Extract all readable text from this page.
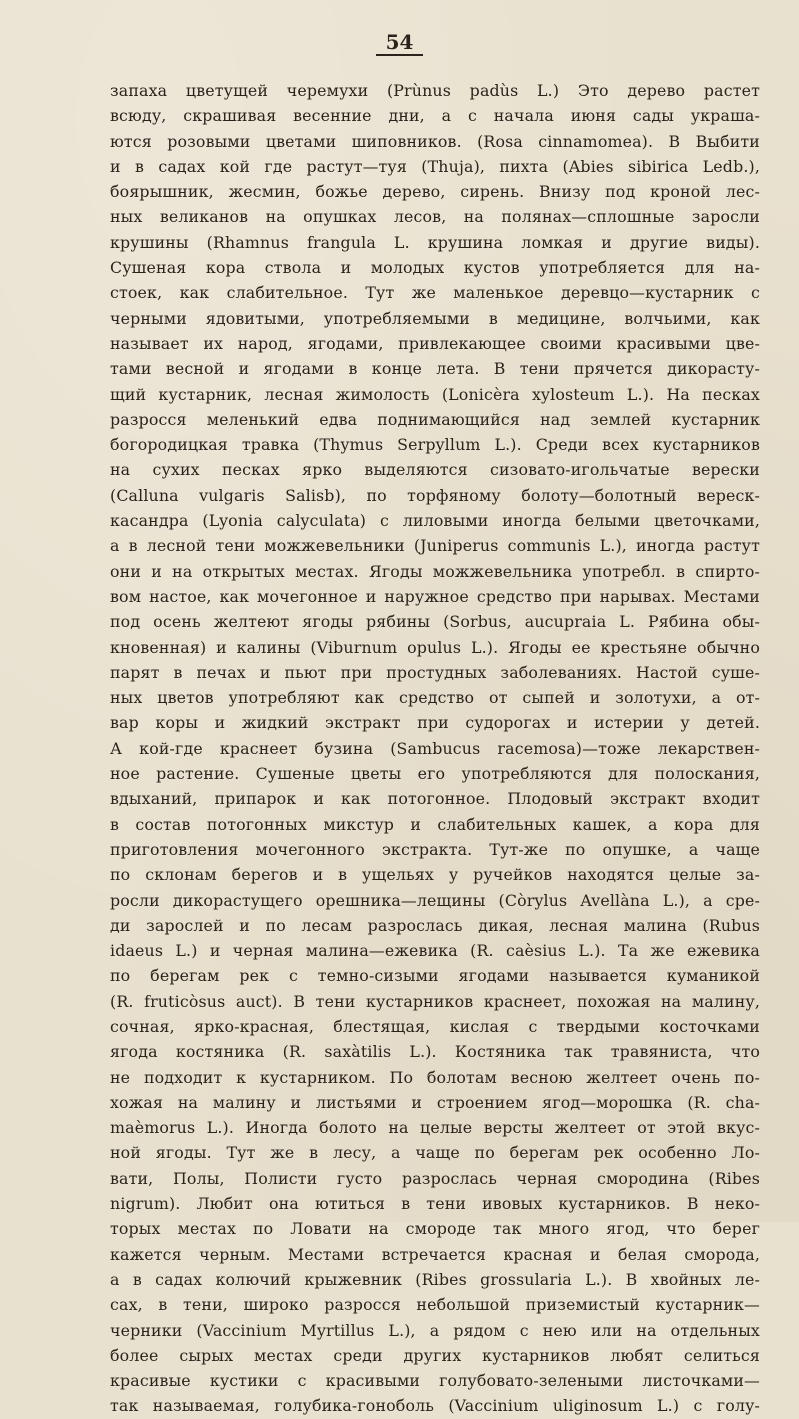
54
запаха цветущей черемухи (Prùnus padùs L.) Это дерево растет
всюду, скрашивая весенние дни, а с начала июня сады украша-
ются розовыми цветами шиповников. (Rosa cinnamomea). В Выбити
и в садах кой где растут—туя (Thuja), пихта (Abies sibirica Ledb.),
боярышник, жесмин, божье дерево, сирень. Внизу под кроной лес-
ных великанов на опушках лесов, на полянах—сплошные заросли
крушины (Rhamnus frangula L. крушина ломкая и другие виды).
Сушеная кора ствола и молодых кустов употребляется для на-
стоек, как слабительное. Тут же маленькое деревцо—кустарник с
черными ядовитыми, употребляемыми в медицине, волчьими, как
называет их народ, ягодами, привлекающее своими красивыми цве-
тами весной и ягодами в конце лета. В тени прячется дикорасту-
щий кустарник, лесная жимолость (Lonicèra xylosteum L.). На песках
разросся меленький едва поднимающийся над землей кустарник
богородицкая травка (Thymus Serpyllum L.). Среди всех кустарников
на сухих песках ярко выделяются сизовато-игольчатые верески
(Calluna vulgaris Salisb), по торфяному болоту—болотный вереск-
касандра (Lyonia calyculata) с лиловыми иногда белыми цветочками,
а в лесной тени можжевельники (Juniperus communis L.), иногда растут
они и на открытых местах. Ягоды можжевельника употребл. в спирто-
вом настое, как мочегонное и наружное средство при нарывах. Местами
под осень желтеют ягоды рябины (Sorbus, aucupraia L. Рябина обы-
кновенная) и калины (Viburnum opulus L.). Ягоды ее крестьяне обычно
парят в печах и пьют при простудных заболеваниях. Настой суше-
ных цветов употребляют как средство от сыпей и золотухи, а от-
вар коры и жидкий экстракт при судорогах и истерии у детей.
А кой-где краснеет бузина (Sambucus racemosa)—тоже лекарствен-
ное растение. Сушеные цветы его употребляются для полоскания,
вдыханий, припарок и как потогонное. Плодовый экстракт входит
в состав потогонных микстур и слабительных кашек, а кора для
приготовления мочегонного экстракта. Тут-же по опушке, а чаще
по склонам берегов и в ущельях у ручейков находятся целые за-
росли дикорастущего орешника—лещины (Còrylus Avellàna L.), а сре-
ди зарослей и по лесам разрослась дикая, лесная малина (Rubus
idaeus L.) и черная малина—ежевика (R. caèsius L.). Та же ежевика
по берегам рек с темно-сизыми ягодами называется куманикой
(R. fruticòsus auct). В тени кустарников краснеет, похожая на малину,
сочная, ярко-красная, блестящая, кислая с твердыми косточками
ягода костяника (R. saxàtilis L.). Костяника так травяниста, что
не подходит к кустарником. По болотам весною желтеет очень по-
хожая на малину и листьями и строением ягод—морошка (R. cha-
maèmorus L.). Иногда болото на целые версты желтеет от этой вкус-
ной ягоды. Тут же в лесу, а чаще по берегам рек особенно Ло-
вати, Полы, Полисти густо разрослась черная смородина (Ribes
nigrum). Любит она ютиться в тени ивовых кустарников. В неко-
торых местах по Ловати на смороде так много ягод, что берег
кажется черным. Местами встречается красная и белая смородa,
а в садах колючий крыжевник (Ribes grossularia L.). В хвойных ле-
сах, в тени, широко разросся небольшой приземистый кустарник—
черники (Vaccinium Myrtillus L.), а рядом с нею или на отдельных
более сырых местах среди других кустарников любят селиться
красивые кустики с красивыми голубовато-зелеными листочками—
так называемая, голубика-гоноболь (Vaccinium uliginosum L.) с голу-
